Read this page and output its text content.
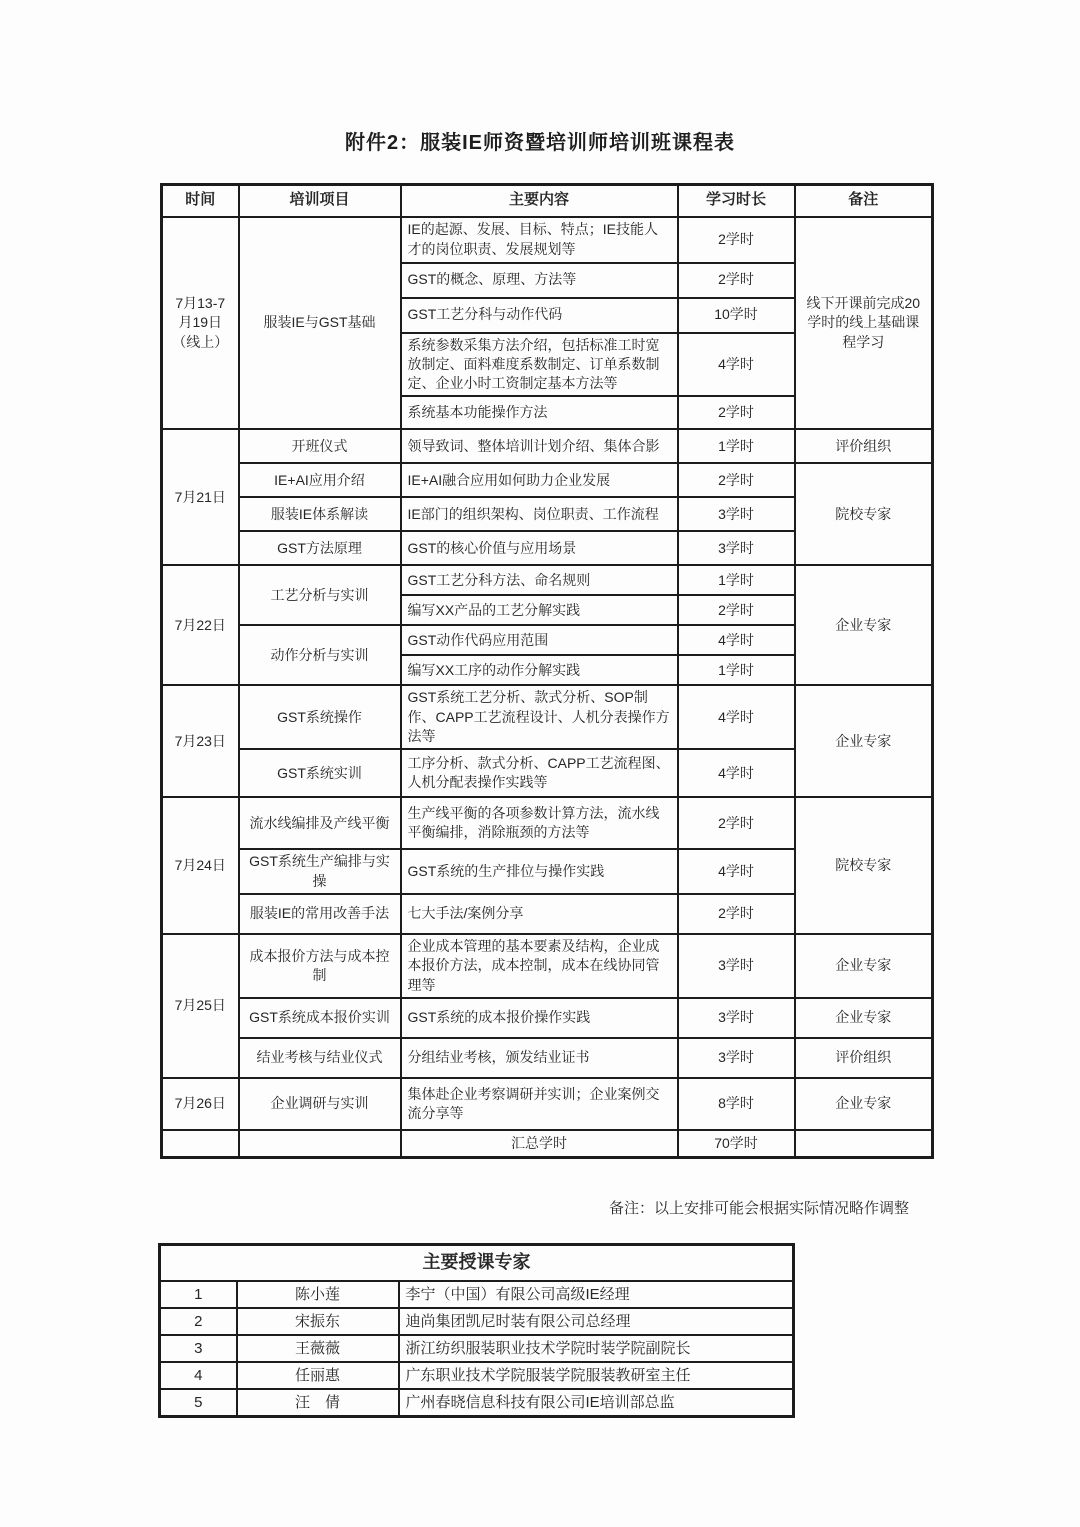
附件2：服装IE师资暨培训师培训班课程表
时间	培训项目	主要内容	学习时长	备注
7月13-7月19日（线上）	服装IE与GST基础	IE的起源、发展、目标、特点；IE技能人才的岗位职责、发展规划等	2学时	线下开课前完成20学时的线上基础课程学习
		GST的概念、原理、方法等	2学时	
		GST工艺分科与动作代码	10学时	
		系统参数采集方法介绍，包括标准工时宽放制定、面料难度系数制定、订单系数制定、企业小时工资制定基本方法等	4学时	
		系统基本功能操作方法	2学时	
7月21日	开班仪式	领导致词、整体培训计划介绍、集体合影	1学时	评价组织
	IE+AI应用介绍	IE+AI融合应用如何助力企业发展	2学时	院校专家
	服装IE体系解读	IE部门的组织架构、岗位职责、工作流程	3学时	
	GST方法原理	GST的核心价值与应用场景	3学时	
7月22日	工艺分析与实训	GST工艺分科方法、命名规则	1学时	企业专家
		编写XX产品的工艺分解实践	2学时	
	动作分析与实训	GST动作代码应用范围	4学时	
		编写XX工序的动作分解实践	1学时	
7月23日	GST系统操作	GST系统工艺分析、款式分析、SOP制作、CAPP工艺流程设计、人机分表操作方法等	4学时	企业专家
	GST系统实训	工序分析、款式分析、CAPP工艺流程图、人机分配表操作实践等	4学时	
7月24日	流水线编排及产线平衡	生产线平衡的各项参数计算方法，流水线平衡编排，消除瓶颈的方法等	2学时	院校专家
	GST系统生产编排与实操	GST系统的生产排位与操作实践	4学时	
	服装IE的常用改善手法	七大手法/案例分享	2学时	
7月25日	成本报价方法与成本控制	企业成本管理的基本要素及结构，企业成本报价方法，成本控制，成本在线协同管理等	3学时	企业专家
	GST系统成本报价实训	GST系统的成本报价操作实践	3学时	企业专家
	结业考核与结业仪式	分组结业考核，颁发结业证书	3学时	评价组织
7月26日	企业调研与实训	集体赴企业考察调研并实训；企业案例交流分享等	8学时	企业专家
		汇总学时	70学时	
备注：以上安排可能会根据实际情况略作调整
主要授课专家		
1	陈小莲	李宁（中国）有限公司高级IE经理
2	宋振东	迪尚集团凯尼时装有限公司总经理
3	王薇薇	浙江纺织服装职业技术学院时装学院副院长
4	任丽惠	广东职业技术学院服装学院服装教研室主任
5	汪　倩	广州春晓信息科技有限公司IE培训部总监
